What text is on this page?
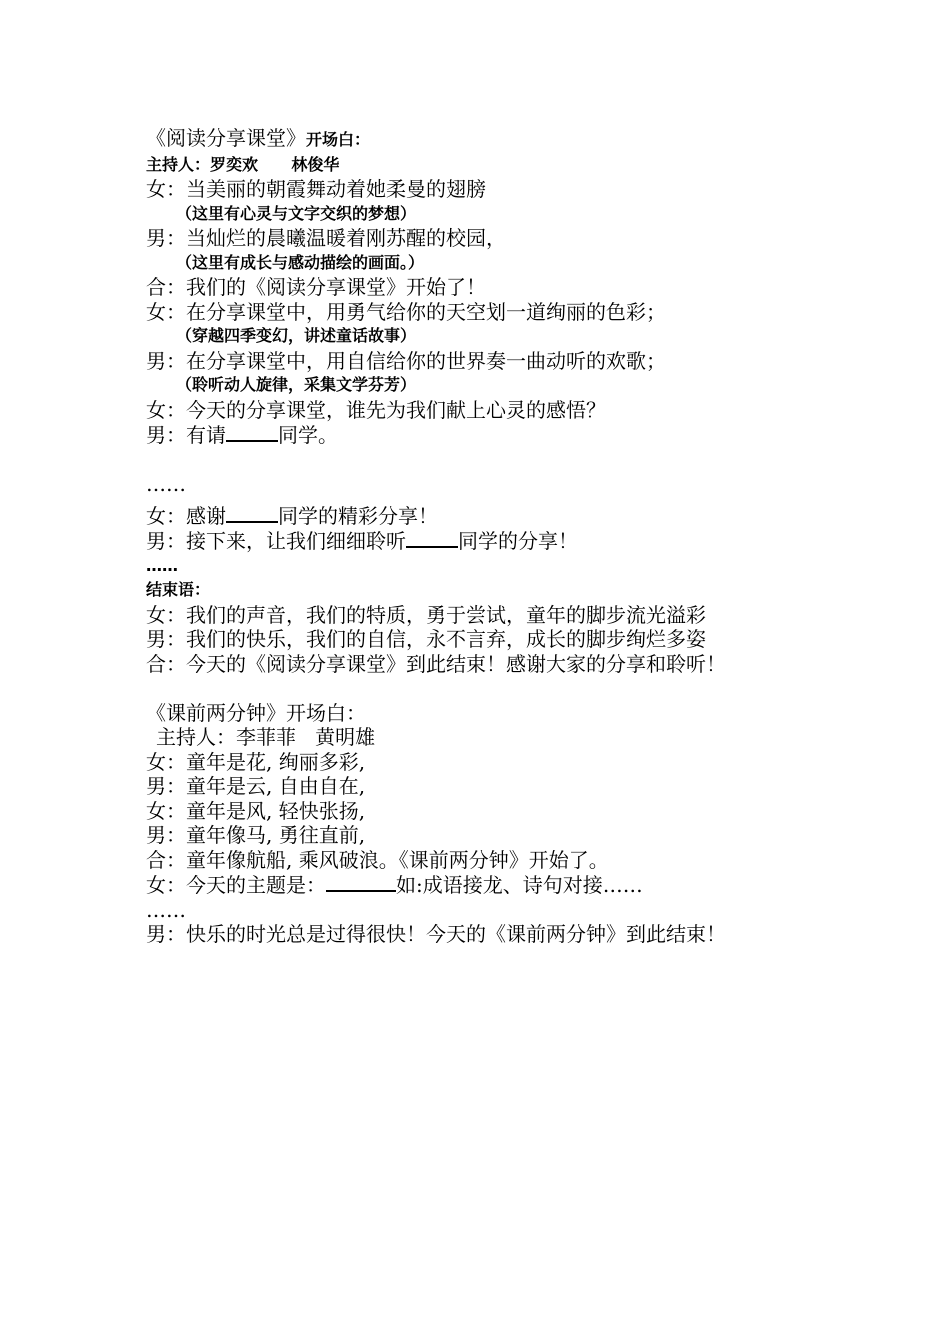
《阅读分享课堂》开场白：
主持人：罗奕欢      林俊华
女：当美丽的朝霞舞动着她柔曼的翅膀
（这里有心灵与文字交织的梦想）
男：当灿烂的晨曦温暖着刚苏醒的校园，
（这里有成长与感动描绘的画面。）
合：我们的《阅读分享课堂》开始了！
女：在分享课堂中，用勇气给你的天空划一道绚丽的色彩；
（穿越四季变幻，讲述童话故事）
男：在分享课堂中，用自信给你的世界奏一曲动听的欢歌；
（聆听动人旋律，采集文学芬芳）
女：今天的分享课堂，谁先为我们献上心灵的感悟？
男：有请	同学。
……
女：感谢	同学的精彩分享！
男：接下来，让我们细细聆听	同学的分享！
……
结束语：
女：我们的声音，我们的特质，勇于尝试，童年的脚步流光溢彩
男：我们的快乐，我们的自信，永不言弃，成长的脚步绚烂多姿
合：今天的《阅读分享课堂》到此结束！感谢大家的分享和聆听！
《课前两分钟》开场白：
主持人：李菲菲   黄明雄
女：童年是花, 绚丽多彩,
男：童年是云, 自由自在,
女：童年是风, 轻快张扬,
男：童年像马, 勇往直前,
合：童年像航船, 乘风破浪。《课前两分钟》开始了。
女：今天的主题是：	如:成语接龙、诗句对接……
……
男：快乐的时光总是过得很快！今天的《课前两分钟》到此结束！
